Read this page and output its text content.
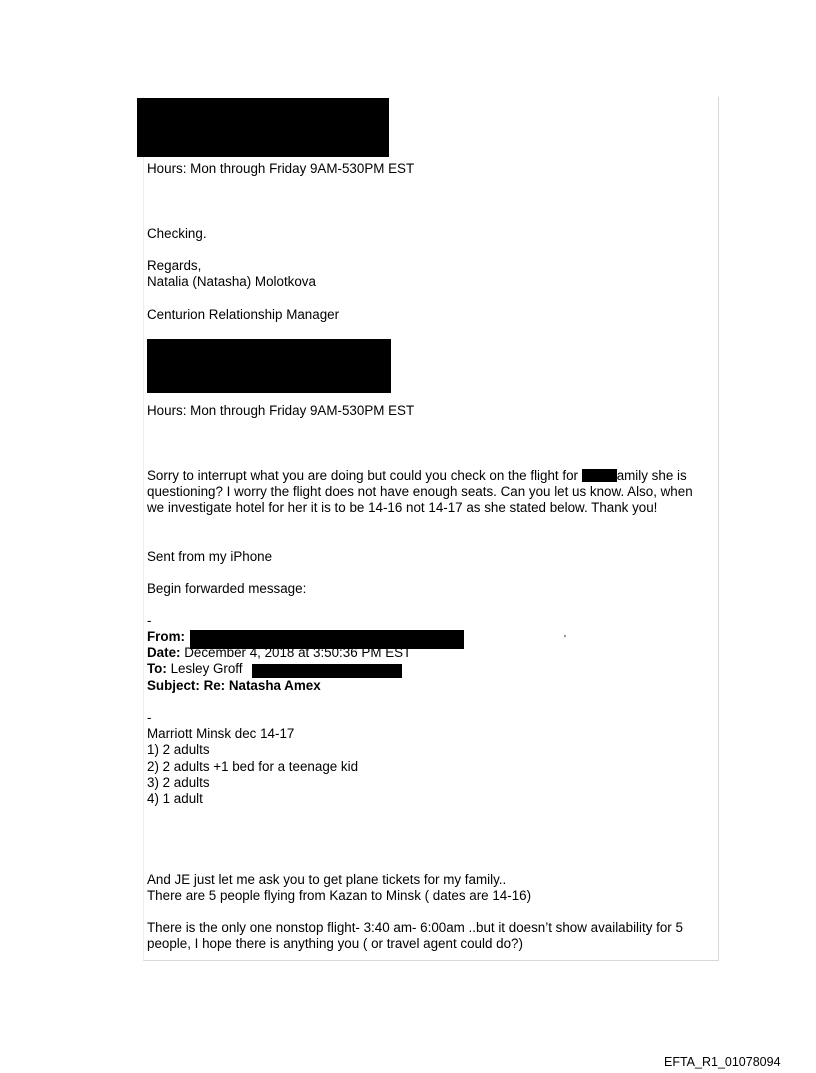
Hours: Mon through Friday 9AM-530PM EST

Checking.

Regards,

Natalia (Natasha) Molotkova

Centurion Relationship Manager

Hours: Mon through Friday 9AM-530PM EST

Sorry to interrupt what you are doing but could you check on the flight for	amily she is questioning? I worry the flight does not have enough seats. Can you let us know. Also, when we investigate hotel for her it is to be 14-16 not 14-17 as she stated below. Thank you!

Sent from my iPhone

Begin forwarded message:

-

From:	'

Date: December 4, 2018 at 3:50:36 PM EST

To: Lesley Groff

Subject: Re: Natasha Amex

-

Marriott Minsk dec 14-17

1) 2 adults

2) 2 adults +1 bed for a teenage kid

3) 2 adults

4) 1 adult

And JE just let me ask you to get plane tickets for my family..

There are 5 people flying from Kazan to Minsk ( dates are 14-16)

There is the only one nonstop flight- 3:40 am- 6:00am ..but it doesn’t show availability for 5 people, I hope there is anything you ( or travel agent could do?)

EFTA_R1_01078094
